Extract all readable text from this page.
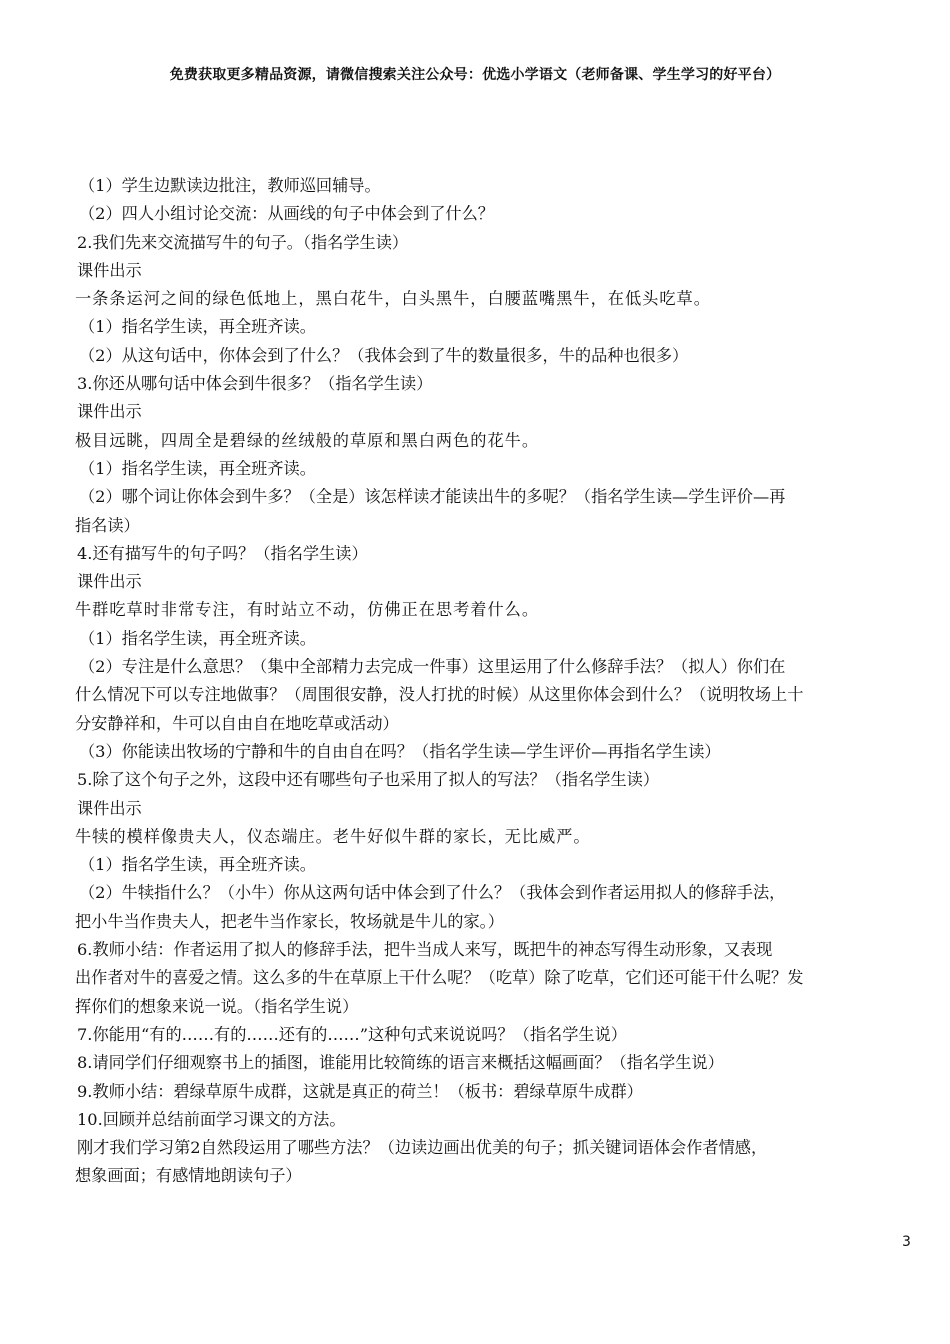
免费获取更多精品资源，请微信搜索关注公众号：优选小学语文（老师备课、学生学习的好平台）

（1）学生边默读边批注，教师巡回辅导。

（2）四人小组讨论交流：从画线的句子中体会到了什么？

2.我们先来交流描写牛的句子。（指名学生读）

课件出示

一条条运河之间的绿色低地上，黑白花牛，白头黑牛，白腰蓝嘴黑牛，在低头吃草。

（1）指名学生读，再全班齐读。

（2）从这句话中，你体会到了什么？（我体会到了牛的数量很多，牛的品种也很多）

3.你还从哪句话中体会到牛很多？（指名学生读）

课件出示

极目远眺，四周全是碧绿的丝绒般的草原和黑白两色的花牛。

（1）指名学生读，再全班齐读。

（2）哪个词让你体会到牛多？（全是）该怎样读才能读出牛的多呢？（指名学生读—学生评价—再

指名读）

4.还有描写牛的句子吗？（指名学生读）

课件出示

牛群吃草时非常专注，有时站立不动，仿佛正在思考着什么。

（1）指名学生读，再全班齐读。

（2）专注是什么意思？（集中全部精力去完成一件事）这里运用了什么修辞手法？（拟人）你们在

什么情况下可以专注地做事？（周围很安静，没人打扰的时候）从这里你体会到什么？（说明牧场上十

分安静祥和，牛可以自由自在地吃草或活动）

（3）你能读出牧场的宁静和牛的自由自在吗？（指名学生读—学生评价—再指名学生读）

5.除了这个句子之外，这段中还有哪些句子也采用了拟人的写法？（指名学生读）

课件出示

牛犊的模样像贵夫人，仪态端庄。老牛好似牛群的家长，无比威严。

（1）指名学生读，再全班齐读。

（2）牛犊指什么？（小牛）你从这两句话中体会到了什么？（我体会到作者运用拟人的修辞手法，

把小牛当作贵夫人，把老牛当作家长，牧场就是牛儿的家。）

6.教师小结：作者运用了拟人的修辞手法，把牛当成人来写，既把牛的神态写得生动形象，又表现

出作者对牛的喜爱之情。这么多的牛在草原上干什么呢？（吃草）除了吃草，它们还可能干什么呢？发

挥你们的想象来说一说。（指名学生说）

7.你能用“有的……有的……还有的……”这种句式来说说吗？（指名学生说）

8.请同学们仔细观察书上的插图，谁能用比较简练的语言来概括这幅画面？（指名学生说）

9.教师小结：碧绿草原牛成群，这就是真正的荷兰！（板书：碧绿草原牛成群）

10.回顾并总结前面学习课文的方法。

刚才我们学习第2自然段运用了哪些方法？（边读边画出优美的句子；抓关键词语体会作者情感，

想象画面；有感情地朗读句子）

3
